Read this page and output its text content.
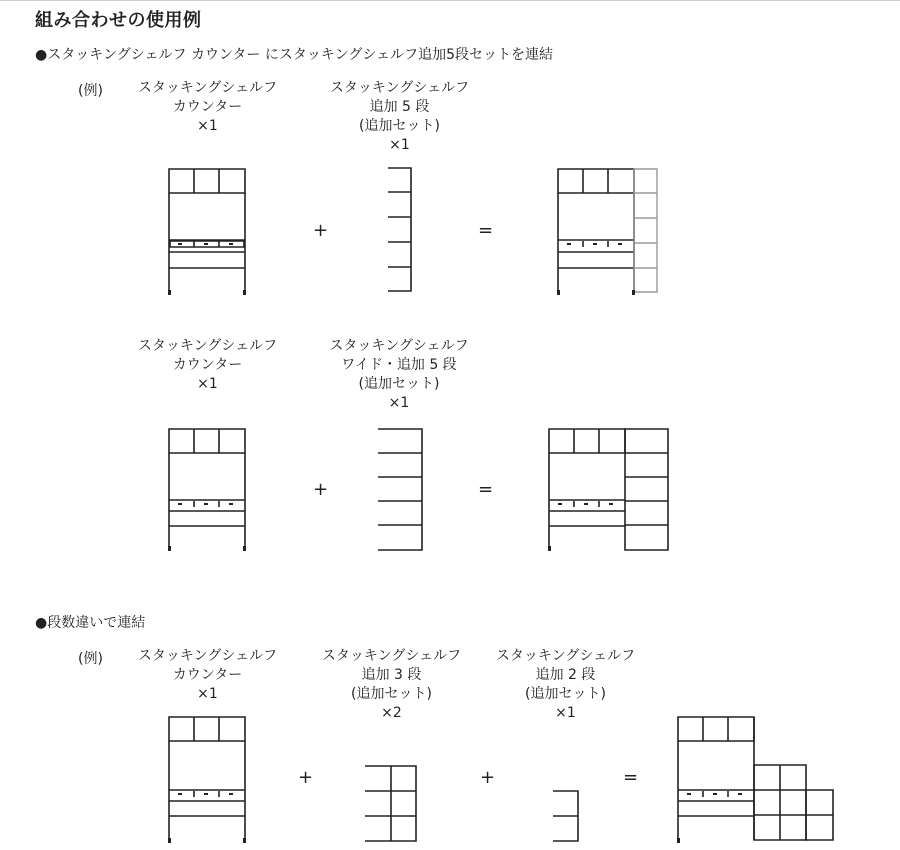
組み合わせの使用例
●スタッキングシェルフ カウンター にスタッキングシェルフ追加5段セットを連結
(例)	スタッキングシェルフ
カウンター
×1
スタッキングシェルフ
追加 5 段
(追加セット)
×1
+	=
スタッキングシェルフ
カウンター
×1
スタッキングシェルフ
ワイド・追加 5 段
(追加セット)
×1
+	=
●段数違いで連結
(例)	スタッキングシェルフ
カウンター
×1
スタッキングシェルフ
追加 3 段
(追加セット)
×2
スタッキングシェルフ
追加 2 段
(追加セット)
×1
+	+	=
